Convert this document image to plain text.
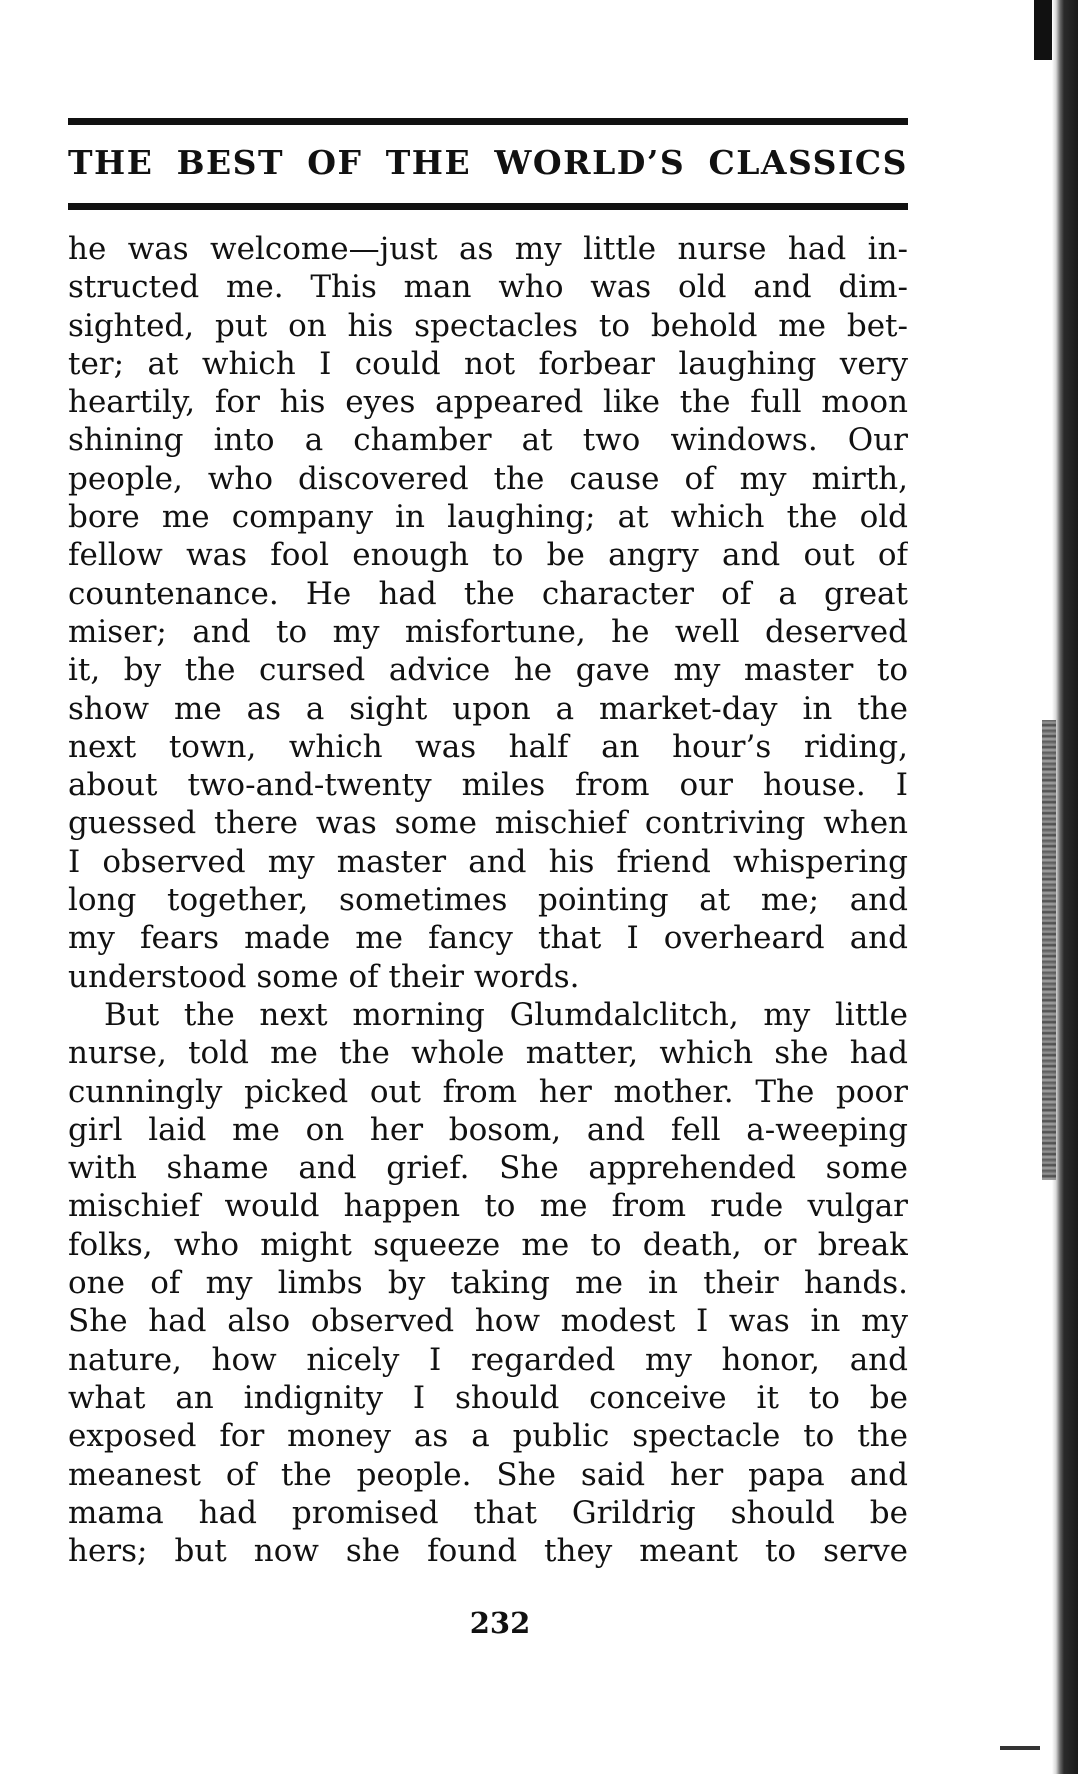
THE BEST OF THE WORLD’S CLASSICS
he was welcome—just as my little nurse had in-
structed me. This man who was old and dim-
sighted, put on his spectacles to behold me bet-
ter; at which I could not forbear laughing very
heartily, for his eyes appeared like the full moon
shining into a chamber at two windows. Our
people, who discovered the cause of my mirth,
bore me company in laughing; at which the old
fellow was fool enough to be angry and out of
countenance. He had the character of a great
miser; and to my misfortune, he well deserved
it, by the cursed advice he gave my master to
show me as a sight upon a market-day in the
next town, which was half an hour’s riding,
about two-and-twenty miles from our house. I
guessed there was some mischief contriving when
I observed my master and his friend whispering
long together, sometimes pointing at me; and
my fears made me fancy that I overheard and
understood some of their words.
But the next morning Glumdalclitch, my little
nurse, told me the whole matter, which she had
cunningly picked out from her mother. The poor
girl laid me on her bosom, and fell a-weeping
with shame and grief. She apprehended some
mischief would happen to me from rude vulgar
folks, who might squeeze me to death, or break
one of my limbs by taking me in their hands.
She had also observed how modest I was in my
nature, how nicely I regarded my honor, and
what an indignity I should conceive it to be
exposed for money as a public spectacle to the
meanest of the people. She said her papa and
mama had promised that Grildrig should be
hers; but now she found they meant to serve
232
